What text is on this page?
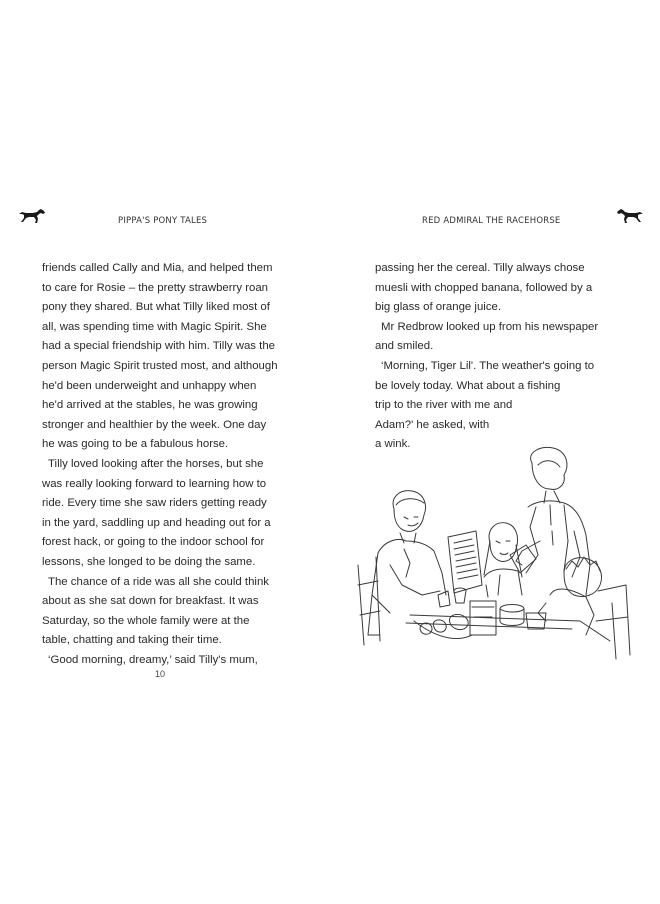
PIPPA'S PONY TALES
friends called Cally and Mia, and helped them
to care for Rosie – the pretty strawberry roan
pony they shared. But what Tilly liked most of
all, was spending time with Magic Spirit. She
had a special friendship with him. Tilly was the
person Magic Spirit trusted most, and although
he'd been underweight and unhappy when
he'd arrived at the stables, he was growing
stronger and healthier by the week. One day
he was going to be a fabulous horse.
Tilly loved looking after the horses, but she
was really looking forward to learning how to
ride. Every time she saw riders getting ready
in the yard, saddling up and heading out for a
forest hack, or going to the indoor school for
lessons, she longed to be doing the same.
The chance of a ride was all she could think
about as she sat down for breakfast. It was
Saturday, so the whole family were at the
table, chatting and taking their time.
‘Good morning, dreamy,’ said Tilly's mum,
10
RED ADMIRAL THE RACEHORSE
passing her the cereal. Tilly always chose
muesli with chopped banana, followed by a
big glass of orange juice.
Mr Redbrow looked up from his newspaper
and smiled.
‘Morning, Tiger Lil'. The weather's going to
be lovely today. What about a fishing
trip to the river with me and
Adam?' he asked, with
a wink.
